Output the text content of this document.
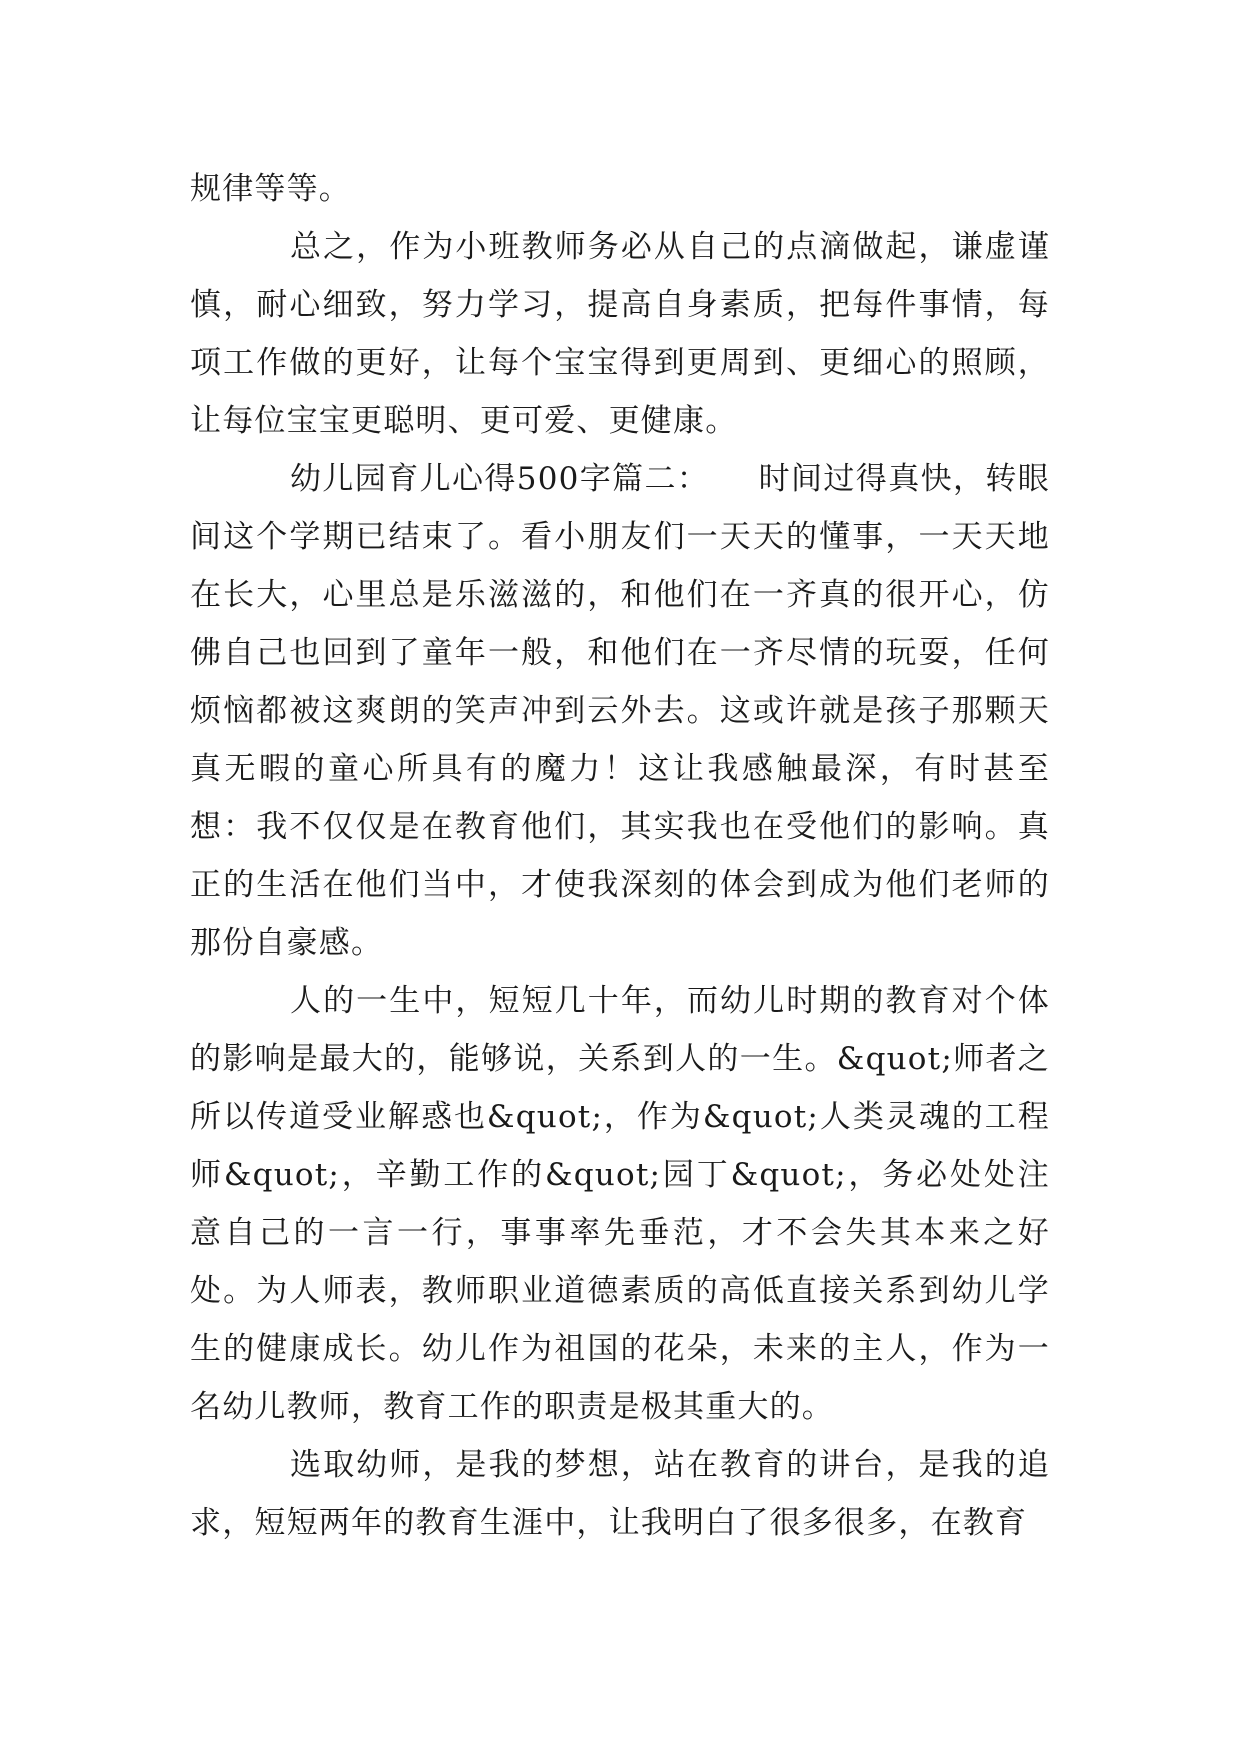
规律等等。

总之，作为小班教师务必从自己的点滴做起，谦虚谨慎，耐心细致，努力学习，提高自身素质，把每件事情，每项工作做的更好，让每个宝宝得到更周到、更细心的照顾，让每位宝宝更聪明、更可爱、更健康。

幼儿园育儿心得500字篇二：　　时间过得真快，转眼间这个学期已结束了。看小朋友们一天天的懂事，一天天地在长大，心里总是乐滋滋的，和他们在一齐真的很开心，仿佛自己也回到了童年一般，和他们在一齐尽情的玩耍，任何烦恼都被这爽朗的笑声冲到云外去。这或许就是孩子那颗天真无暇的童心所具有的魔力！这让我感触最深，有时甚至想：我不仅仅是在教育他们，其实我也在受他们的影响。真正的生活在他们当中，才使我深刻的体会到成为他们老师的那份自豪感。

人的一生中，短短几十年，而幼儿时期的教育对个体的影响是最大的，能够说，关系到人的一生。&quot;师者之所以传道受业解惑也&quot;，作为&quot;人类灵魂的工程师&quot;，辛勤工作的&quot;园丁&quot;，务必处处注意自己的一言一行，事事率先垂范，才不会失其本来之好处。为人师表，教师职业道德素质的高低直接关系到幼儿学生的健康成长。幼儿作为祖国的花朵，未来的主人，作为一名幼儿教师，教育工作的职责是极其重大的。

选取幼师，是我的梦想，站在教育的讲台，是我的追求，短短两年的教育生涯中，让我明白了很多很多，在教育
